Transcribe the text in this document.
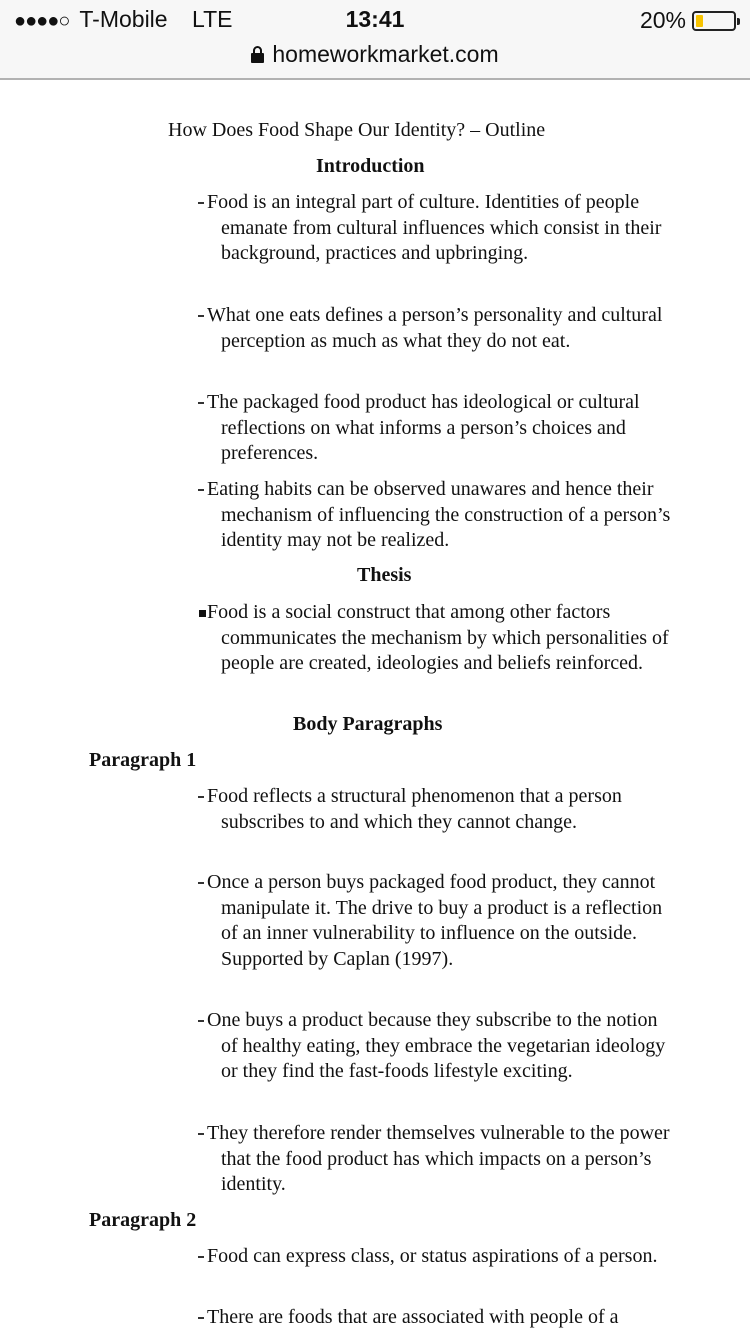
●●●●○ T-Mobile LTE	13:41	20%
homeworkmarket.com
How Does Food Shape Our Identity? – Outline
Introduction
Food is an integral part of culture. Identities of people emanate from cultural influences which consist in their background, practices and upbringing.
What one eats defines a person’s personality and cultural perception as much as what they do not eat.
The packaged food product has ideological or cultural reflections on what informs a person’s choices and preferences.
Eating habits can be observed unawares and hence their mechanism of influencing the construction of a person’s identity may not be realized.
Thesis
Food is a social construct that among other factors communicates the mechanism by which personalities of people are created, ideologies and beliefs reinforced.
Body Paragraphs
Paragraph 1
Food reflects a structural phenomenon that a person subscribes to and which they cannot change.
Once a person buys packaged food product, they cannot manipulate it. The drive to buy a product is a reflection of an inner vulnerability to influence on the outside. Supported by Caplan (1997).
One buys a product because they subscribe to the notion of healthy eating, they embrace the vegetarian ideology or they find the fast-foods lifestyle exciting.
They therefore render themselves vulnerable to the power that the food product has which impacts on a person’s identity.
Paragraph 2
Food can express class, or status aspirations of a person.
There are foods that are associated with people of a
